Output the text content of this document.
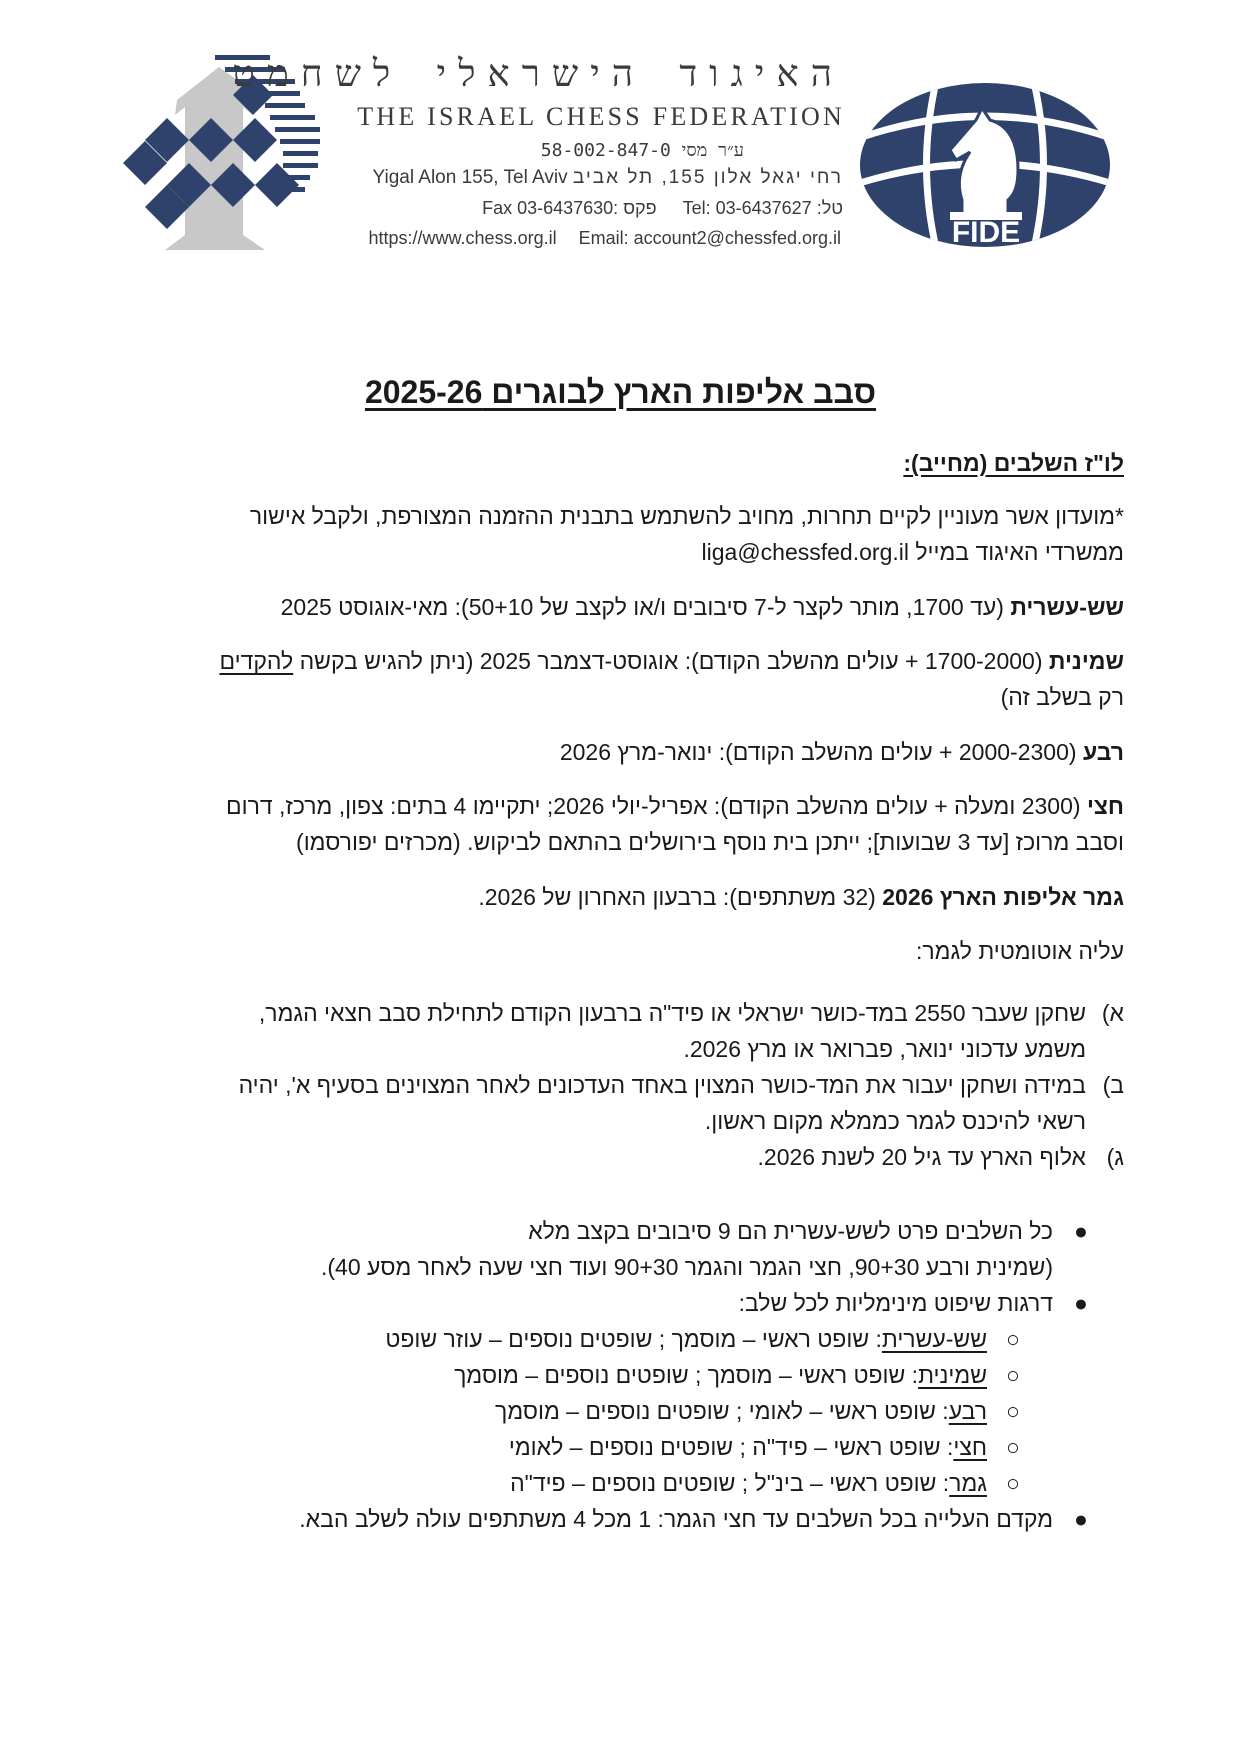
האיגוד הישראלי לשחמט
THE ISRAEL CHESS FEDERATION
ע״ר מסי 58-002-847-0
Yigal Alon 155, Tel Aviv רחי יגאל אלון 155, תל אביב
Fax 03-6437630: פקס Tel: 03-6437627 :טל
https://www.chess.org.il Email: account2@chessfed.org.il	FIDE
סבב אליפות הארץ לבוגרים 2025-26
לו"ז השלבים (מחייב):
*מועדון אשר מעוניין לקיים תחרות, מחויב להשתמש בתבנית ההזמנה המצורפת, ולקבל אישור
ממשרדי האיגוד במייל liga@chessfed.org.il
שש-עשרית (עד 1700, מותר לקצר ל-7 סיבובים ו/או לקצב של 50+10): מאי-אוגוסט 2025
שמינית (1700-2000 + עולים מהשלב הקודם): אוגוסט-דצמבר 2025 (ניתן להגיש בקשה להקדים
רק בשלב זה)
רבע (2000-2300 + עולים מהשלב הקודם): ינואר-מרץ 2026
חצי (2300 ומעלה + עולים מהשלב הקודם): אפריל-יולי 2026; יתקיימו 4 בתים: צפון, מרכז, דרום
וסבב מרוכז [עד 3 שבועות]; ייתכן בית נוסף בירושלים בהתאם לביקוש. (מכרזים יפורסמו)
גמר אליפות הארץ 2026 (32 משתתפים): ברבעון האחרון של 2026.
עליה אוטומטית לגמר:
א)
שחקן שעבר 2550 במד-כושר ישראלי או פיד"ה ברבעון הקודם לתחילת סבב חצאי הגמר,
משמע עדכוני ינואר, פברואר או מרץ 2026.
ב)
במידה ושחקן יעבור את המד-כושר המצוין באחד העדכונים לאחר המצוינים בסעיף א', יהיה
רשאי להיכנס לגמר כממלא מקום ראשון.
ג)
אלוף הארץ עד גיל 20 לשנת 2026.
●
כל השלבים פרט לשש-עשרית הם 9 סיבובים בקצב מלא
(שמינית ורבע 90+30, חצי הגמר והגמר 90+30 ועוד חצי שעה לאחר מסע 40).
●
דרגות שיפוט מינימליות לכל שלב:
○
שש-עשרית: שופט ראשי – מוסמך ; שופטים נוספים – עוזר שופט
○
שמינית: שופט ראשי – מוסמך ; שופטים נוספים – מוסמך
○
רבע: שופט ראשי – לאומי ; שופטים נוספים – מוסמך
○
חצי: שופט ראשי – פיד"ה ; שופטים נוספים – לאומי
○
גמר: שופט ראשי – בינ"ל ; שופטים נוספים – פיד"ה
●
מקדם העלייה בכל השלבים עד חצי הגמר: 1 מכל 4 משתתפים עולה לשלב הבא.
